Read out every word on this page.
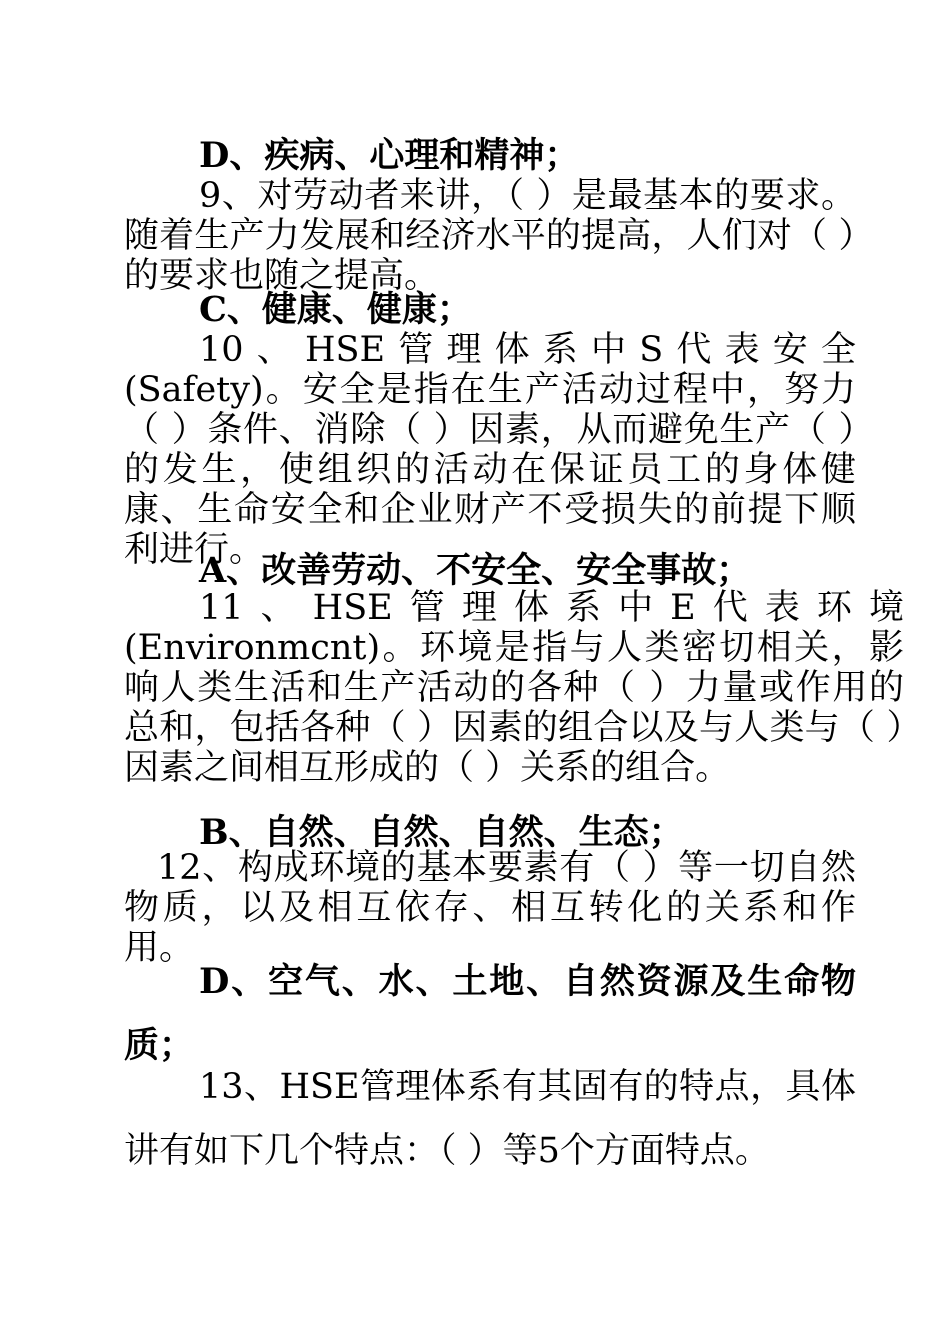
D、疾病、心理和精神；

9、对劳动者来讲，（ ）是最基本的要求。随着生产力发展和经济水平的提高，人们对（ ）的要求也随之提高。

C、健康、健康；

10、HSE管理体系中S代表安全(Safety)。安全是指在生产活动过程中，努力（ ）条件、消除（ ）因素，从而避免生产（ ）的发生，使组织的活动在保证员工的身体健康、生命安全和企业财产不受损失的前提下顺利进行。

A、改善劳动、不安全、安全事故；

11、HSE管理体系中E代表环境(Environmcnt)。环境是指与人类密切相关，影响人类生活和生产活动的各种（ ）力量或作用的总和，包括各种（ ）因素的组合以及与人类与（ ）因素之间相互形成的（ ）关系的组合。

B、自然、自然、自然、生态；

12、构成环境的基本要素有（ ）等一切自然物质，以及相互依存、相互转化的关系和作用。

D、空气、水、土地、自然资源及生命物质；

13、HSE管理体系有其固有的特点，具体讲有如下几个特点：（ ）等5个方面特点。
